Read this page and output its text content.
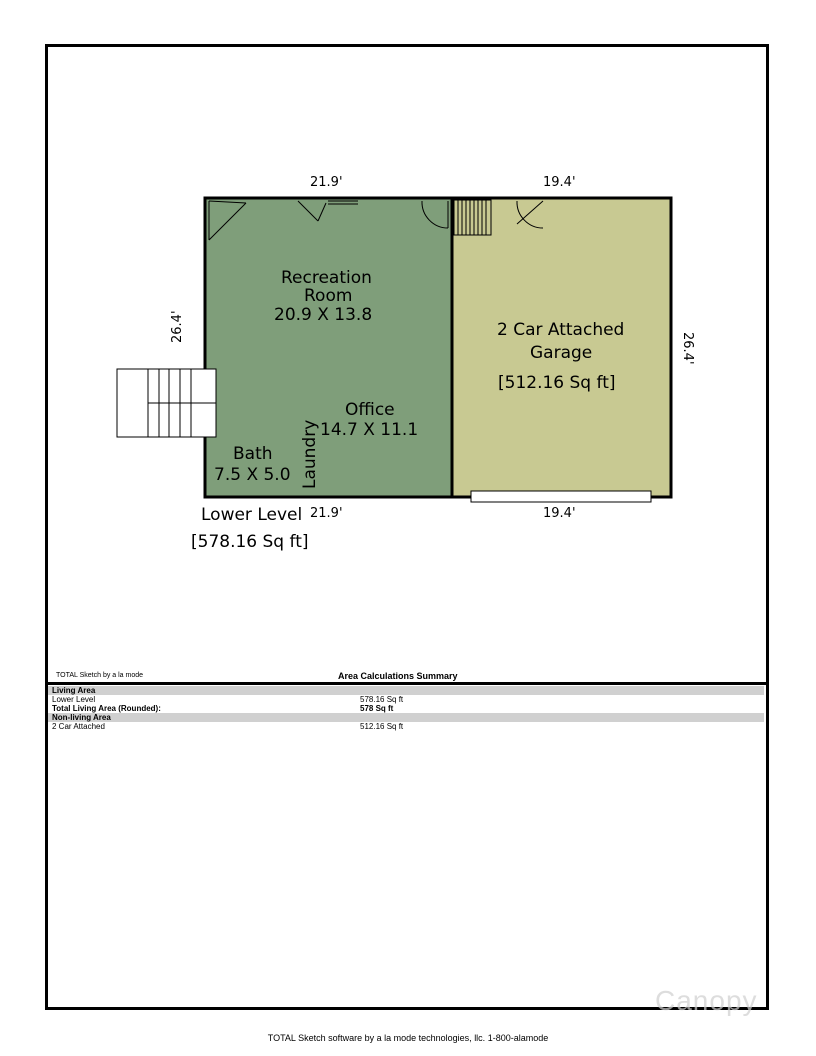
21.9'	19.4'
21.9'	19.4'
26.4'
26.4'
Recreation
Room
20.9 X 13.8
Office
14.7 X 11.1
Bath
7.5 X 5.0 Laundry
2 Car Attached
Garage
[512.16 Sq ft]
Lower Level
[578.16 Sq ft]
TOTAL Sketch by a la mode	Area Calculations Summary
Living Area
Lower Level	578.16 Sq ft
Total Living Area (Rounded):	578 Sq ft
Non-living Area
2 Car Attached	512.16 Sq ft
Canopy
TOTAL Sketch software by a la mode technologies, llc. 1-800-alamode
